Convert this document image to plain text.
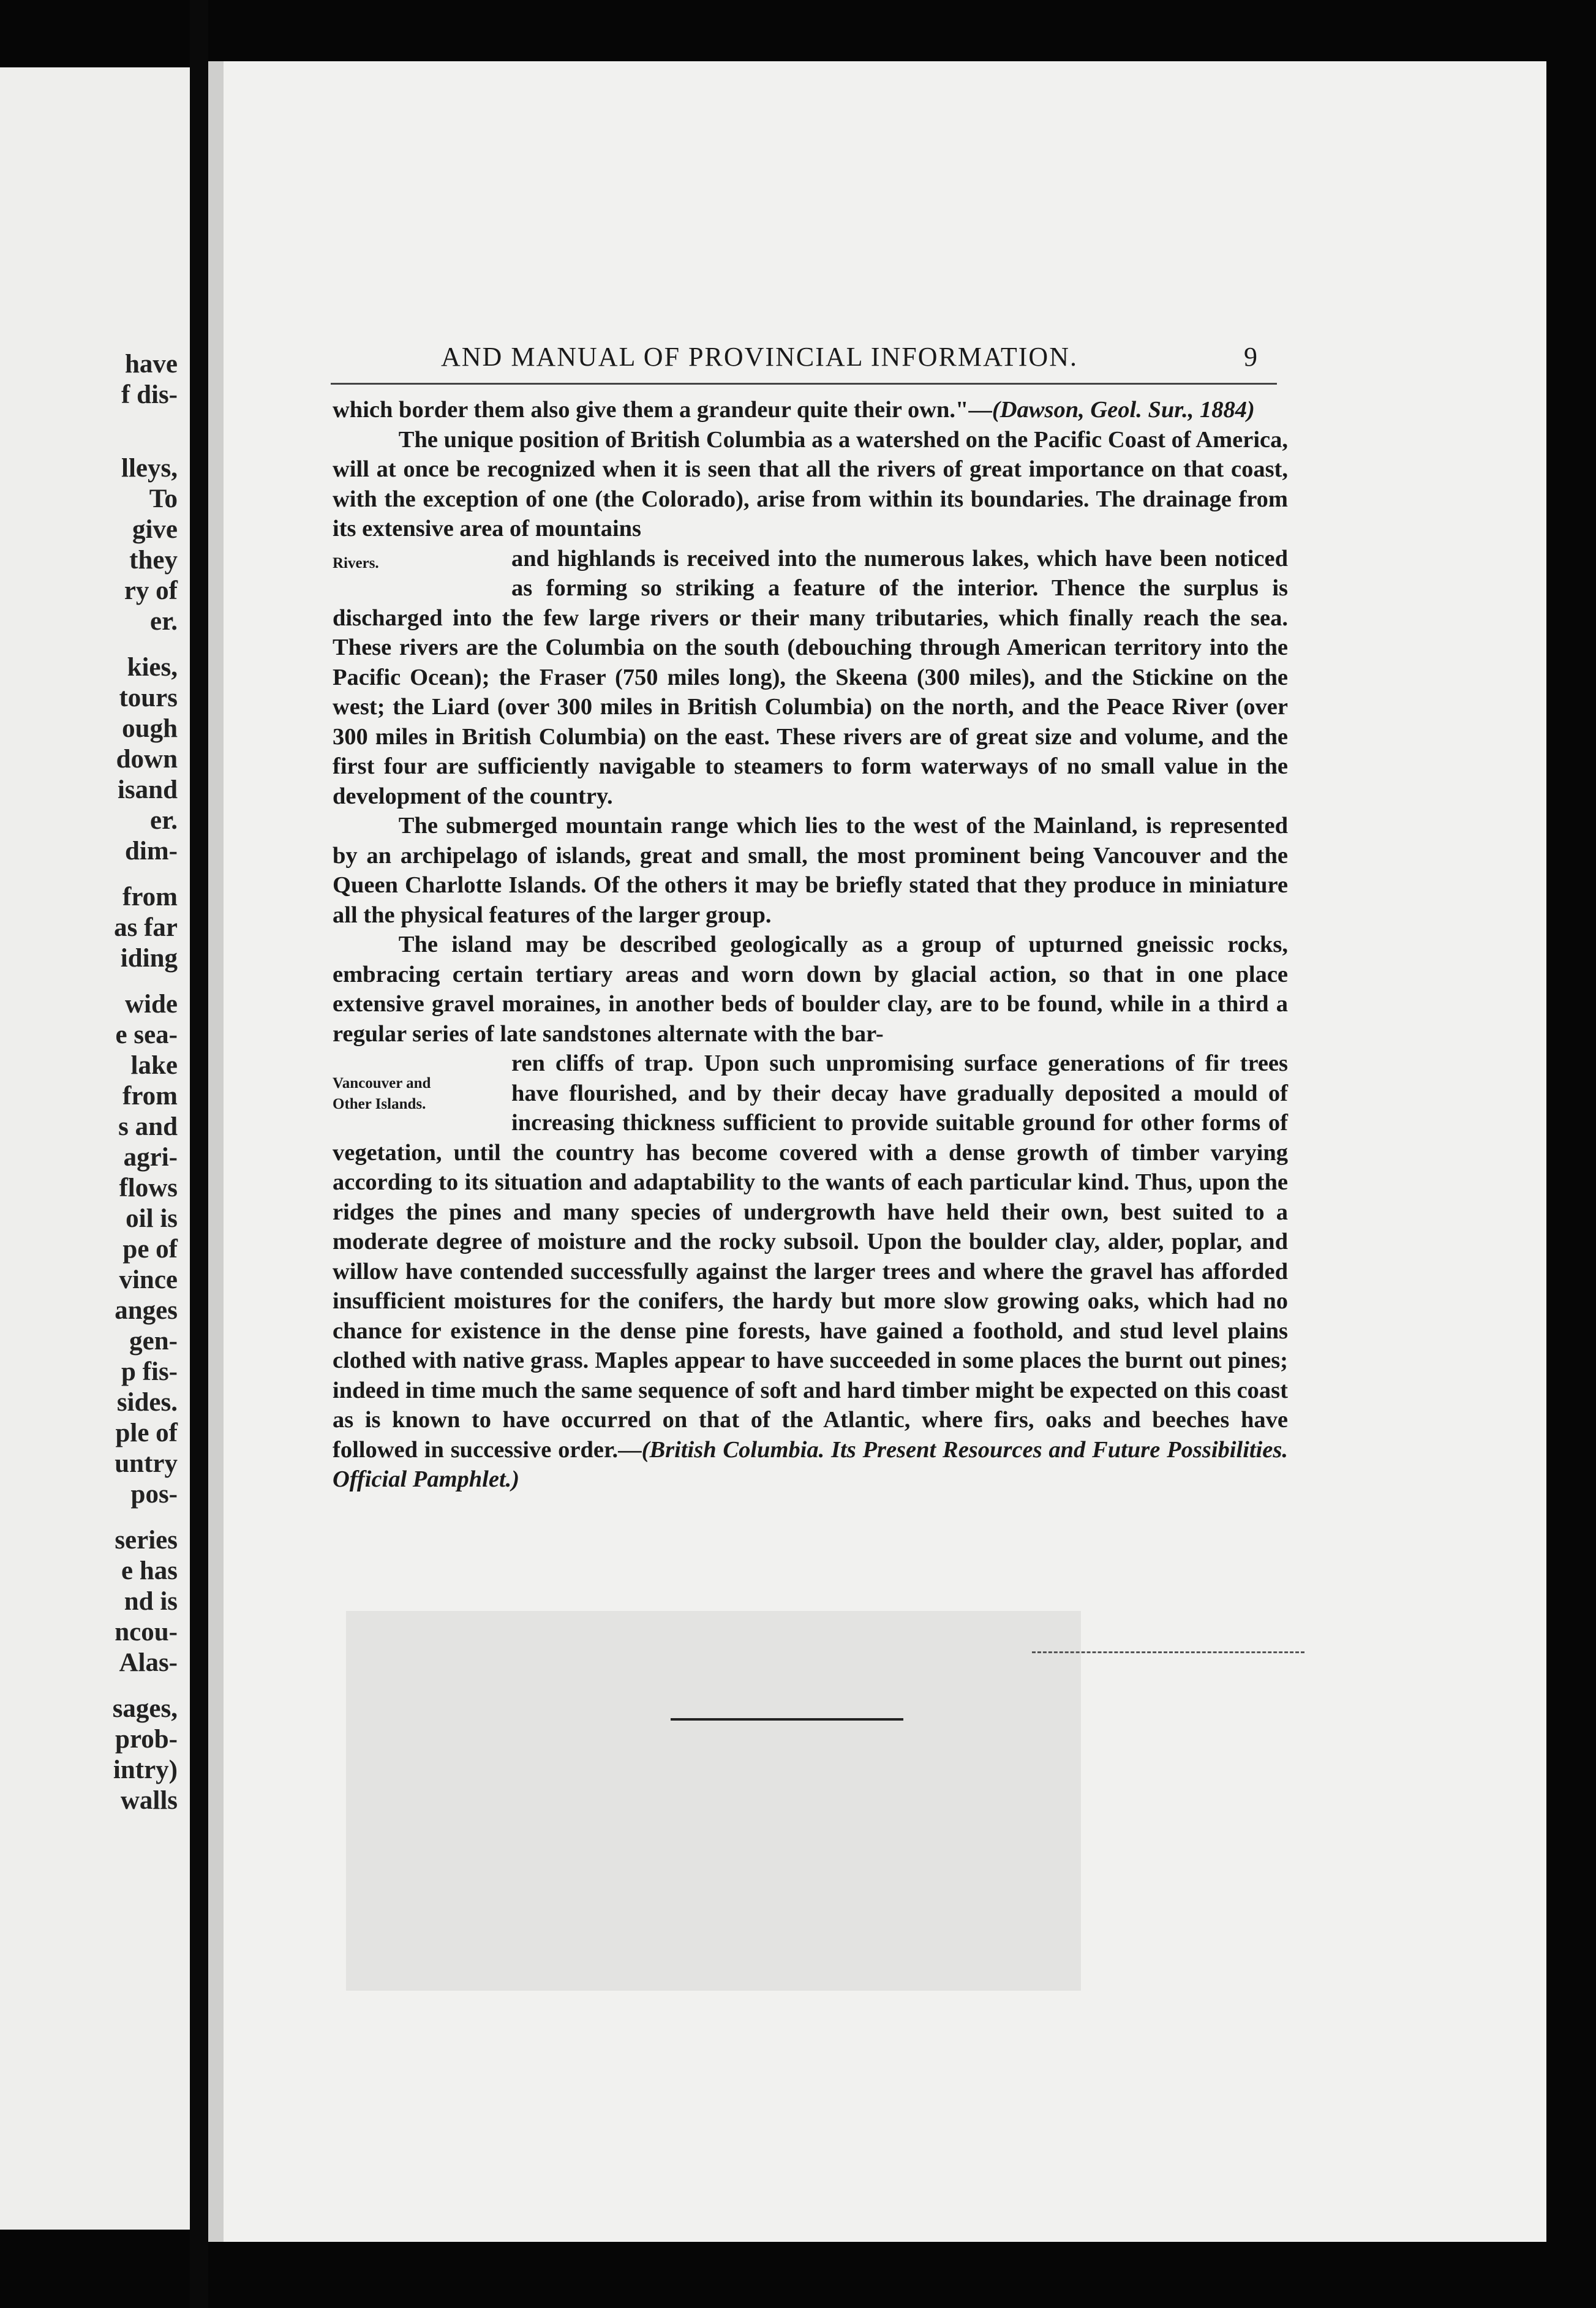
have
f dis-
lleys,
To
give
they
ry of
er.
kies,
tours
ough
down
isand
er.
dim-
from
as far
iding
wide
e sea-
lake
from
s and
agri-
flows
oil is
pe of
vince
anges
gen-
p fis-
sides.
ple of
untry
pos-
series
e has
nd is
ncou-
Alas-
sages,
prob-
intry)
walls
AND MANUAL OF PROVINCIAL INFORMATION.	9

which border them also give them a grandeur quite their own."—(Dawson, Geol. Sur., 1884)

The unique position of British Columbia as a watershed on the Pacific Coast of America, will at once be recognized when it is seen that all the rivers of great importance on that coast, with the exception of one (the Colorado), arise from within its boundaries. The drainage from its extensive area of mountains

Rivers.	and highlands is received into the numerous lakes, which have been noticed as forming so striking a feature of the interior. Thence the surplus is discharged into the few large rivers or their many tributaries, which finally reach the sea. These rivers are the Columbia on the south (debouching through American territory into the Pacific Ocean); the Fraser (750 miles long), the Skeena (300 miles), and the Stickine on the west; the Liard (over 300 miles in British Columbia) on the north, and the Peace River (over 300 miles in British Columbia) on the east. These rivers are of great size and volume, and the first four are sufficiently navigable to steamers to form waterways of no small value in the development of the country.

The submerged mountain range which lies to the west of the Mainland, is represented by an archipelago of islands, great and small, the most prominent being Vancouver and the Queen Charlotte Islands. Of the others it may be briefly stated that they produce in miniature all the physical features of the larger group.

The island may be described geologically as a group of upturned gneissic rocks, embracing certain tertiary areas and worn down by glacial action, so that in one place extensive gravel moraines, in another beds of boulder clay, are to be found, while in a third a regular series of late sandstones alternate with the bar-

Vancouver and
Other Islands.
ren cliffs of trap. Upon such unpromising surface generations of fir trees have flourished, and by their decay have gradually deposited a mould of increasing thickness sufficient to provide suitable ground for other forms of vegetation, until the country has become covered with a dense growth of timber varying according to its situation and adaptability to the wants of each particular kind. Thus, upon the ridges the pines and many species of undergrowth have held their own, best suited to a moderate degree of moisture and the rocky subsoil. Upon the boulder clay, alder, poplar, and willow have contended successfully against the larger trees and where the gravel has afforded insufficient moistures for the conifers, the hardy but more slow growing oaks, which had no chance for existence in the dense pine forests, have gained a foothold, and stud level plains clothed with native grass. Maples appear to have succeeded in some places the burnt out pines; indeed in time much the same sequence of soft and hard timber might be expected on this coast as is known to have occurred on that of the Atlantic, where firs, oaks and beeches have followed in successive order.—(British Columbia. Its Present Resources and Future Possibilities. Official Pamphlet.)
